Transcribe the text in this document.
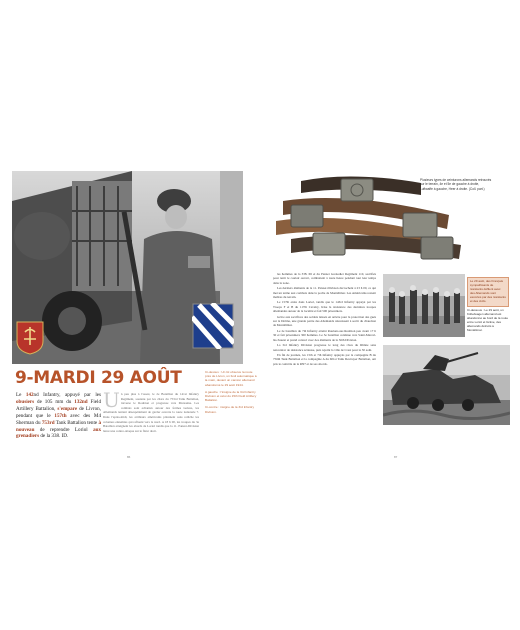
9-MARDI 29 AOÛT	Ci-dessus : Un GI observe la route près de Livron, un fusil automatique à la main, devant un camion allemand abandonné le 29 août 1944.

A gauche : l'insigne de la 3rd Infantry Division et celui du 15th Field Artillery Battalion.

Ci-contre : insigne de la 3rd Infantry Division.

Le 142nd Infantry, appuyé par les obusiers de 105 mm du 132nd Field Artillery Battalion, s'empare de Livron, pendant que le 157th avec des M4 Sherman du 753rd Tank Battalion tente à nouveau de reprendre Loriol aux grenadiers de la 338. ID.
U n peu plus à l'ouest, le 2e Bataillon du 141st Infantry Regiment, soutenu par les chars du 753rd Tank Battalion, traverse le Roubion et progresse vers Marsanne. Les combats sont acharnés autour des fermes isolées, les Allemands tentant désespérément de garder ouverte la route nationale 7. Dans l'après-midi, les artilleurs américains pilonnent sans relâche les colonnes ennemies qui refluent vers le nord. A 18 h 00, les troupes du 3e Bataillon atteignent les abords de Loriol tandis que la 11. Panzer-Division lance une contre-attaque sur le flanc droit.
86
Plusieurs types de ceinturons allemands retrouvés sur le terrain, 4e et 5e de gauche à droite, Luftwaffe à gauche, Heer à droite. (Coll. part.)

les hommes de la 338. ID et du Panzer Grenadier Regiment 110, sacrifiés pour tenir le couloir ouvert, combattent à toute heure pendant tout leur temps dans la zone.

Les derniers éléments de la 11. Panzer-Division décrochent à 23 h 00, ce qui met un terme aux combats dans la poche de Montélimar. Les Américains restent maîtres du terrain.

Le 157th entre dans Loriol, tandis que le 143rd Infantry appuyé par les Troops F et B du 117th Cavalry, brise la résistance des dernières troupes allemandes autour de la localité et fait 500 prisonniers.

Grâce aux sacrifices des soldats laissés en arrière pour la protection des gués sur la Drôme, une grande partie des Allemands réussissent à sortir du chaudron de Montélimar.

Le 2e bataillon du 7th Infantry atteint Roulons-sur-Roubion peu avant 17 h 30 et fait prisonniers 300 hommes. Le 3e bataillon continue vers Saint-Marcel-lès-Sauzet et prend contact avec des éléments de la 36th Division.

La 3rd Infantry Division progresse le long des rives du Rhône sans rencontrer de résistance sérieuse, puis rejoint la ville de Crest pour le 30 août.

En fin de journée, les 15th et 7th Infantry appuyés par la compagnie B du 756th Tank Battalion et la compagnie A du 601st Tank Destroyer Battalion, ont pris le contrôle de la RN7 et de ses abords.

Le 29 août, des Français sympathisants de résistants défilent avec des Allemands sont escortés par des résistants et des civils.
Ci-dessous : Le 29 août, un Kübelwagen allemand est abandonné au bord de la route entre Loriol et Grâne, des allemands détruits à Montélimar.
87
